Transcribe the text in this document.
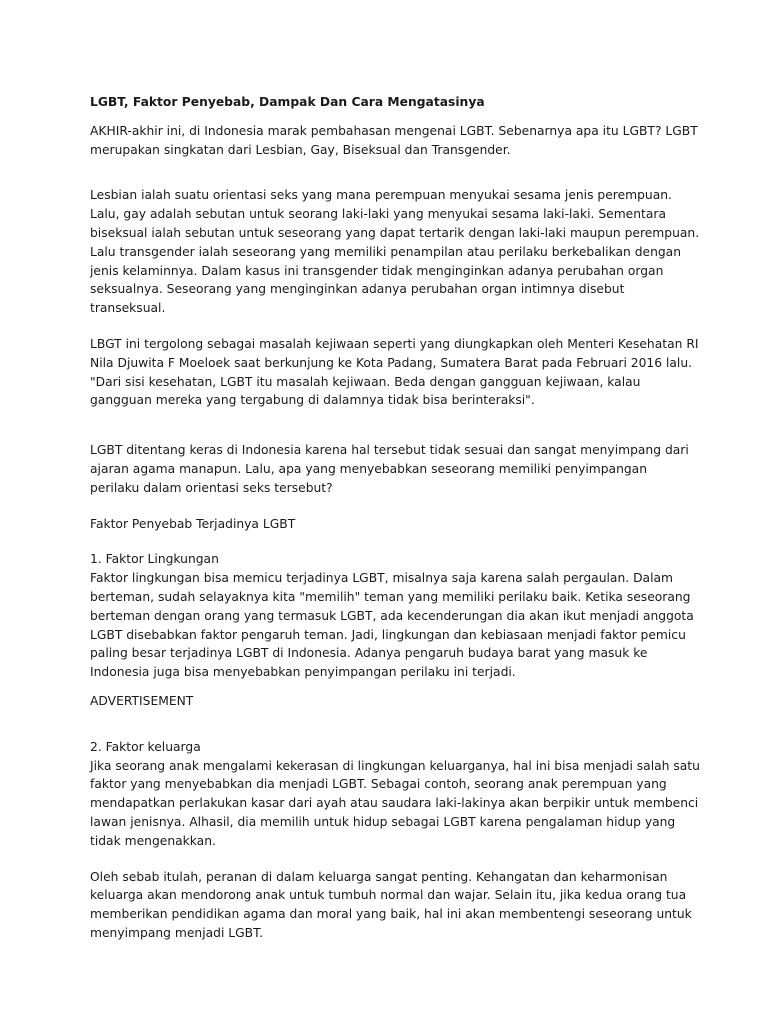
LGBT, Faktor Penyebab, Dampak Dan Cara Mengatasinya

AKHIR-akhir ini, di Indonesia marak pembahasan mengenai LGBT. Sebenarnya apa itu LGBT? LGBT merupakan singkatan dari Lesbian, Gay, Biseksual dan Transgender.

Lesbian ialah suatu orientasi seks yang mana perempuan menyukai sesama jenis perempuan. Lalu, gay adalah sebutan untuk seorang laki-laki yang menyukai sesama laki-laki. Sementara biseksual ialah sebutan untuk seseorang yang dapat tertarik dengan laki-laki maupun perempuan. Lalu transgender ialah seseorang yang memiliki penampilan atau perilaku berkebalikan dengan jenis kelaminnya. Dalam kasus ini transgender tidak menginginkan adanya perubahan organ seksualnya. Seseorang yang menginginkan adanya perubahan organ intimnya disebut transeksual.

LBGT ini tergolong sebagai masalah kejiwaan seperti yang diungkapkan oleh Menteri Kesehatan RI Nila Djuwita F Moeloek saat berkunjung ke Kota Padang, Sumatera Barat pada Februari 2016 lalu. "Dari sisi kesehatan, LGBT itu masalah kejiwaan. Beda dengan gangguan kejiwaan, kalau gangguan mereka yang tergabung di dalamnya tidak bisa berinteraksi".

LGBT ditentang keras di Indonesia karena hal tersebut tidak sesuai dan sangat menyimpang dari ajaran agama manapun. Lalu, apa yang menyebabkan seseorang memiliki penyimpangan perilaku dalam orientasi seks tersebut?

Faktor Penyebab Terjadinya LGBT

1. Faktor Lingkungan

Faktor lingkungan bisa memicu terjadinya LGBT, misalnya saja karena salah pergaulan. Dalam berteman, sudah selayaknya kita "memilih" teman yang memiliki perilaku baik. Ketika seseorang berteman dengan orang yang termasuk LGBT, ada kecenderungan dia akan ikut menjadi anggota LGBT disebabkan faktor pengaruh teman. Jadi, lingkungan dan kebiasaan menjadi faktor pemicu paling besar terjadinya LGBT di Indonesia. Adanya pengaruh budaya barat yang masuk ke Indonesia juga bisa menyebabkan penyimpangan perilaku ini terjadi.

ADVERTISEMENT

2. Faktor keluarga

Jika seorang anak mengalami kekerasan di lingkungan keluarganya, hal ini bisa menjadi salah satu faktor yang menyebabkan dia menjadi LGBT. Sebagai contoh, seorang anak perempuan yang mendapatkan perlakukan kasar dari ayah atau saudara laki-lakinya akan berpikir untuk membenci lawan jenisnya. Alhasil, dia memilih untuk hidup sebagai LGBT karena pengalaman hidup yang tidak mengenakkan.

Oleh sebab itulah, peranan di dalam keluarga sangat penting. Kehangatan dan keharmonisan keluarga akan mendorong anak untuk tumbuh normal dan wajar. Selain itu, jika kedua orang tua memberikan pendidikan agama dan moral yang baik, hal ini akan membentengi seseorang untuk menyimpang menjadi LGBT.
